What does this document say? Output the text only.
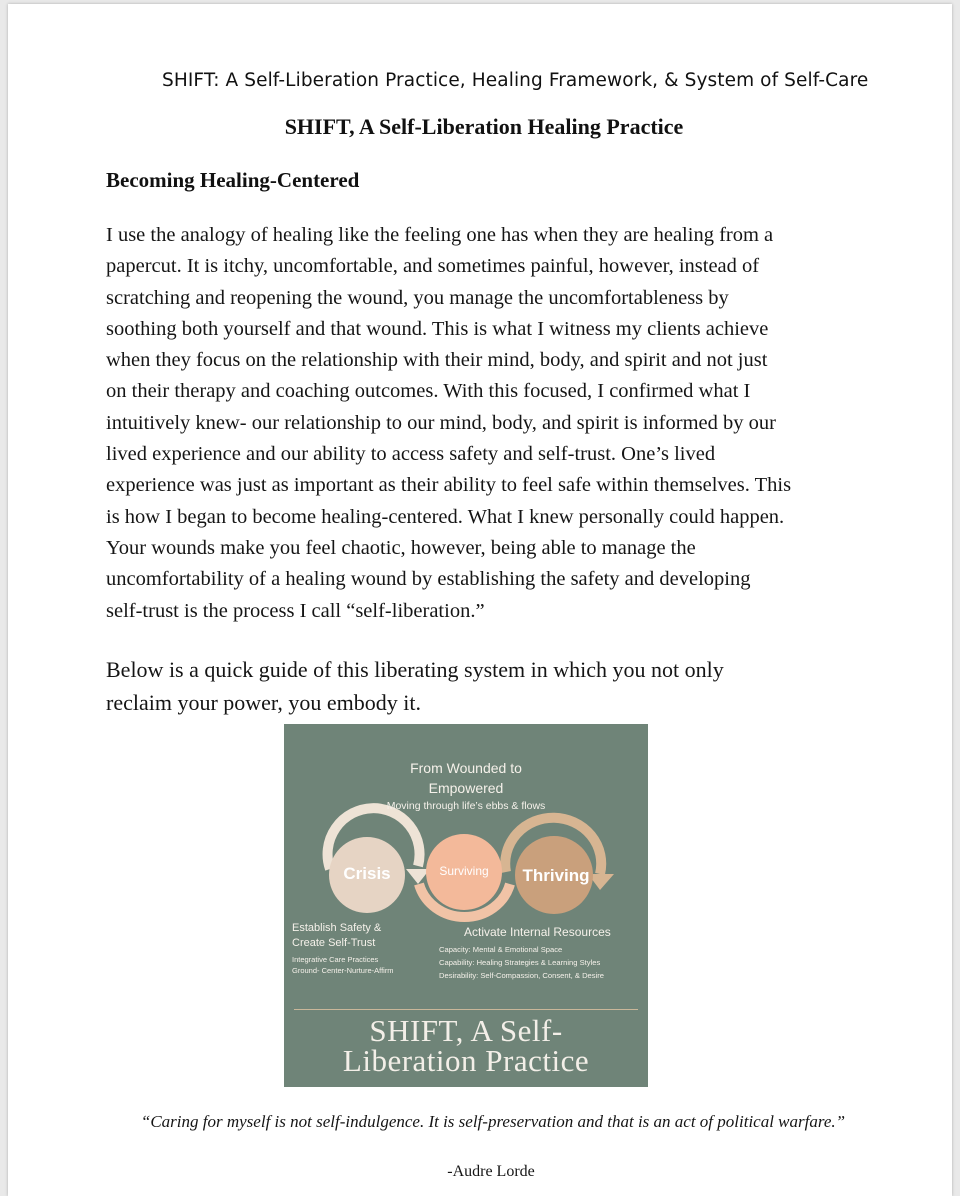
SHIFT: A Self-Liberation Practice, Healing Framework, & System of Self-Care
SHIFT, A Self-Liberation Healing Practice
Becoming Healing-Centered

I use the analogy of healing like the feeling one has when they are healing from a
papercut. It is itchy, uncomfortable, and sometimes painful, however, instead of
scratching and reopening the wound, you manage the uncomfortableness by
soothing both yourself and that wound. This is what I witness my clients achieve
when they focus on the relationship with their mind, body, and spirit and not just
on their therapy and coaching outcomes. With this focused, I confirmed what I
intuitively knew- our relationship to our mind, body, and spirit is informed by our
lived experience and our ability to access safety and self-trust. One’s lived
experience was just as important as their ability to feel safe within themselves. This
is how I began to become healing-centered. What I knew personally could happen.
Your wounds make you feel chaotic, however, being able to manage the
uncomfortability of a healing wound by establishing the safety and developing
self-trust is the process I call “self-liberation.”

Below is a quick guide of this liberating system in which you not only
reclaim your power, you embody it.

From Wounded to
Empowered
Moving through life’s ebbs & flows
Crisis	Surviving	Thriving
Establish Safety &
Create Self-Trust
Integrative Care Practices
Ground- Center-Nurture-Affirm
Activate Internal Resources
Capacity: Mental & Emotional Space
Capability: Healing Strategies & Learning Styles
Desirability: Self-Compassion, Consent, & Desire
SHIFT, A Self-
Liberation Practice
“Caring for myself is not self-indulgence. It is self-preservation and that is an act of political warfare.”
-Audre Lorde
